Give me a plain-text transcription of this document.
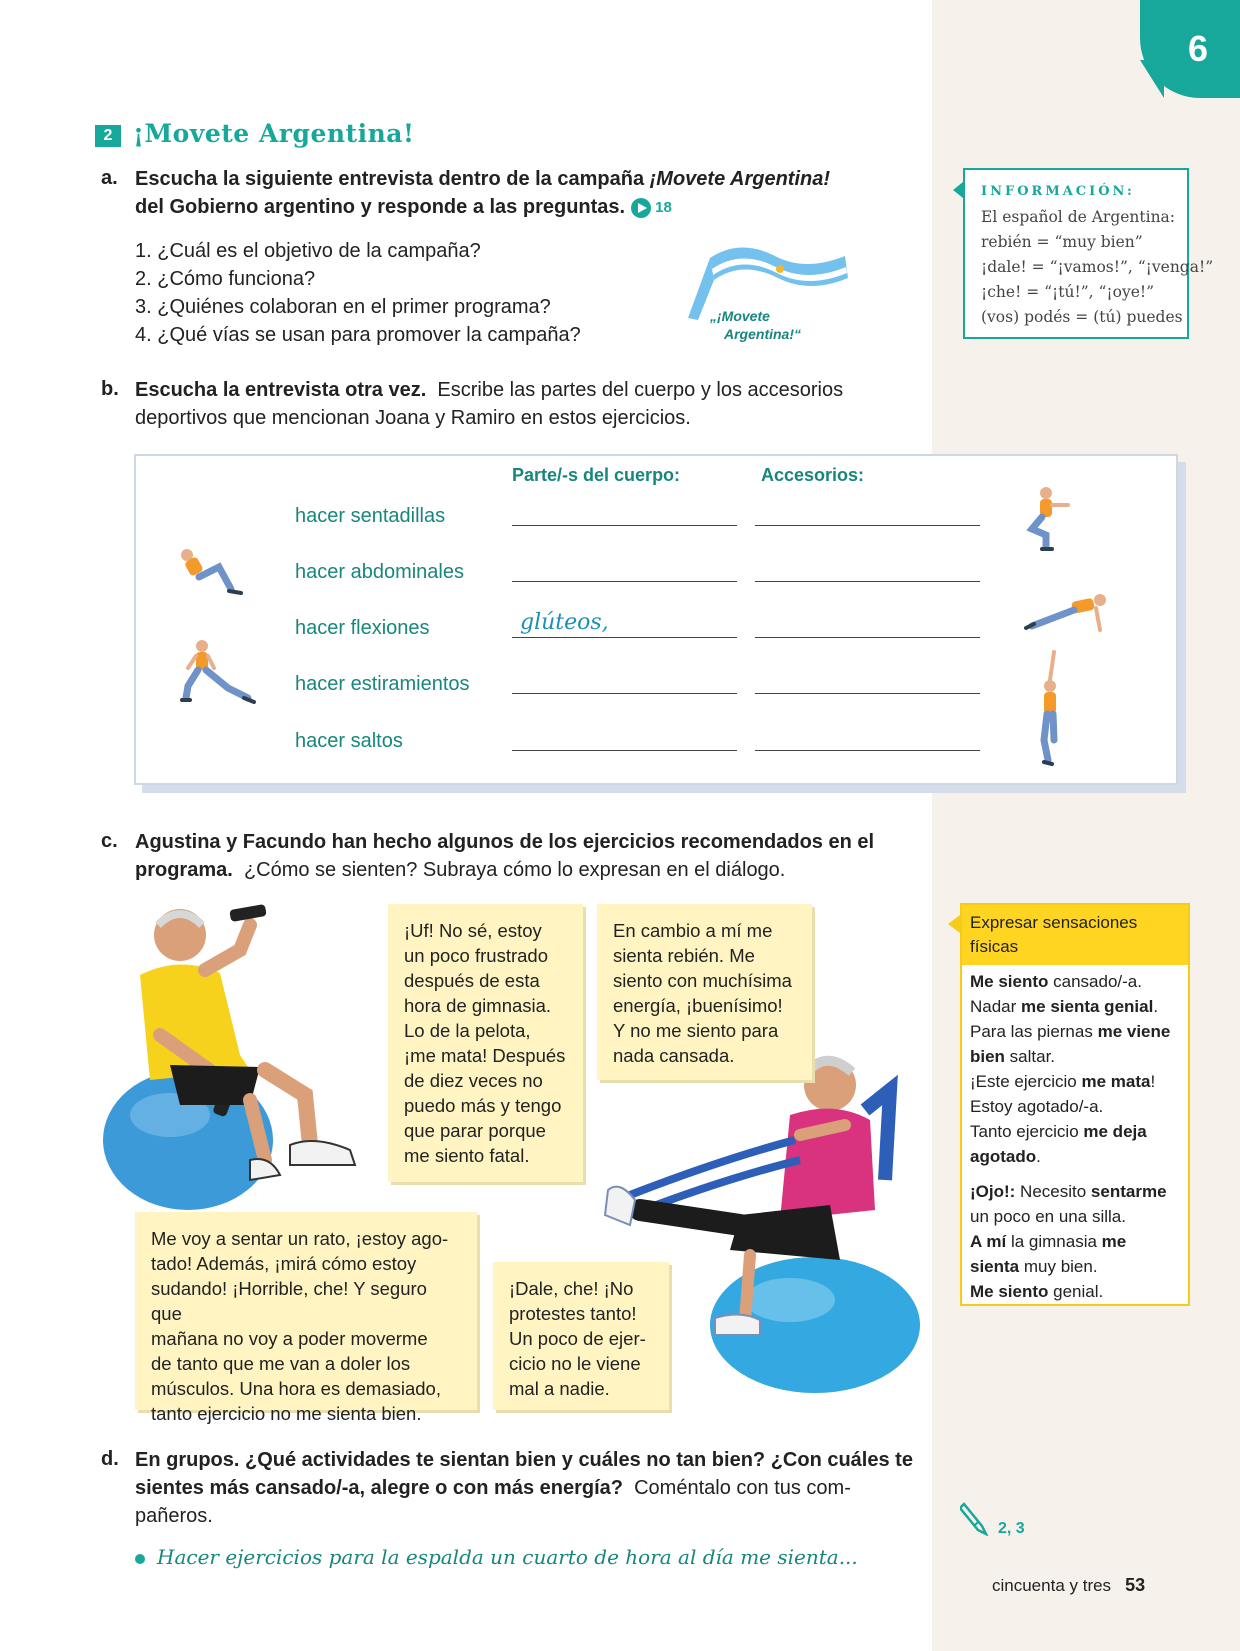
6
2 ¡Movete Argentina!
a. Escucha la siguiente entrevista dentro de la campaña ¡Movete Argentina!
del Gobierno argentino y responde a las preguntas. 18
1. ¿Cuál es el objetivo de la campaña?
2. ¿Cómo funciona?
3. ¿Quiénes colaboran en el primer programa?
4. ¿Qué vías se usan para promover la campaña?
„¡Movete
Argentina!“
INFORMACIÓN:
El español de Argentina:
rebién = “muy bien”
¡dale! = “¡vamos!”, “¡venga!”
¡che! = “¡tú!”, “¡oye!”
(vos) podés = (tú) puedes
b. Escucha la entrevista otra vez. Escribe las partes del cuerpo y los accesorios
deportivos que mencionan Joana y Ramiro en estos ejercicios.
Parte/-s del cuerpo:	Accesorios:
hacer sentadillas
hacer abdominales
hacer flexiones
hacer estiramientos
hacer saltos
glúteos,
c. Agustina y Facundo han hecho algunos de los ejercicios recomendados en el
programa. ¿Cómo se sienten? Subraya cómo lo expresan en el diálogo.
¡Uf! No sé, estoy
un poco frustrado
después de esta
hora de gimnasia.
Lo de la pelota,
¡me mata! Después
de diez veces no
puedo más y tengo
que parar porque
me siento fatal.
En cambio a mí me
sienta rebién. Me
siento con muchísima
energía, ¡buenísimo!
Y no me siento para
nada cansada.
Me voy a sentar un rato, ¡estoy ago-
tado! Además, ¡mirá cómo estoy
sudando! ¡Horrible, che! Y seguro que
mañana no voy a poder moverme
de tanto que me van a doler los
músculos. Una hora es demasiado,
tanto ejercicio no me sienta bien.
¡Dale, che! ¡No
protestes tanto!
Un poco de ejer-
cicio no le viene
mal a nadie.
Expresar sensaciones
físicas

Me siento cansado/-a.

Nadar me sienta genial.

Para las piernas me viene

bien saltar.

¡Este ejercicio me mata!

Estoy agotado/-a.

Tanto ejercicio me deja

agotado.

¡Ojo!: Necesito sentarme

un poco en una silla.

A mí la gimnasia me

sienta muy bien.

Me siento genial.

d. En grupos. ¿Qué actividades te sientan bien y cuáles no tan bien? ¿Con cuáles te
sientes más cansado/-a, alegre o con más energía? Coméntalo con tus com-
pañeros.
Hacer ejercicios para la espalda un cuarto de hora al día me sienta...
2, 3
cincuenta y tres 53
